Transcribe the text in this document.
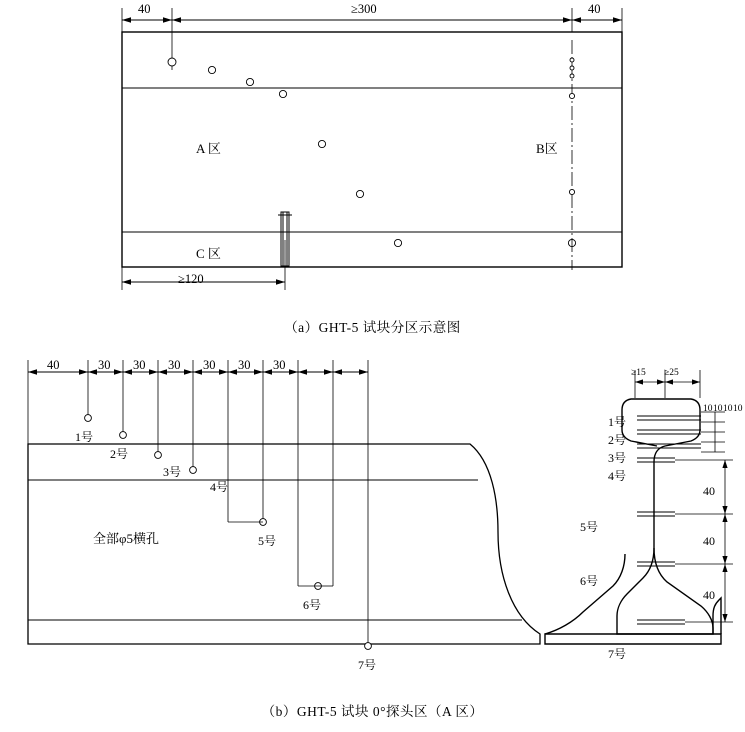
40	≥300	40
≥120
A 区	B区
C 区
（a）GHT-5 试块分区示意图
40	30 30 30 30 30 30
1号
2号
3号
4号
5号
6号
7号
全部φ5横孔
≥15 ≥25
10 10 10 10
40
40
40
1号
2号
3号
4号
5号
6号
7号
（b）GHT-5 试块 0°探头区（A 区）
